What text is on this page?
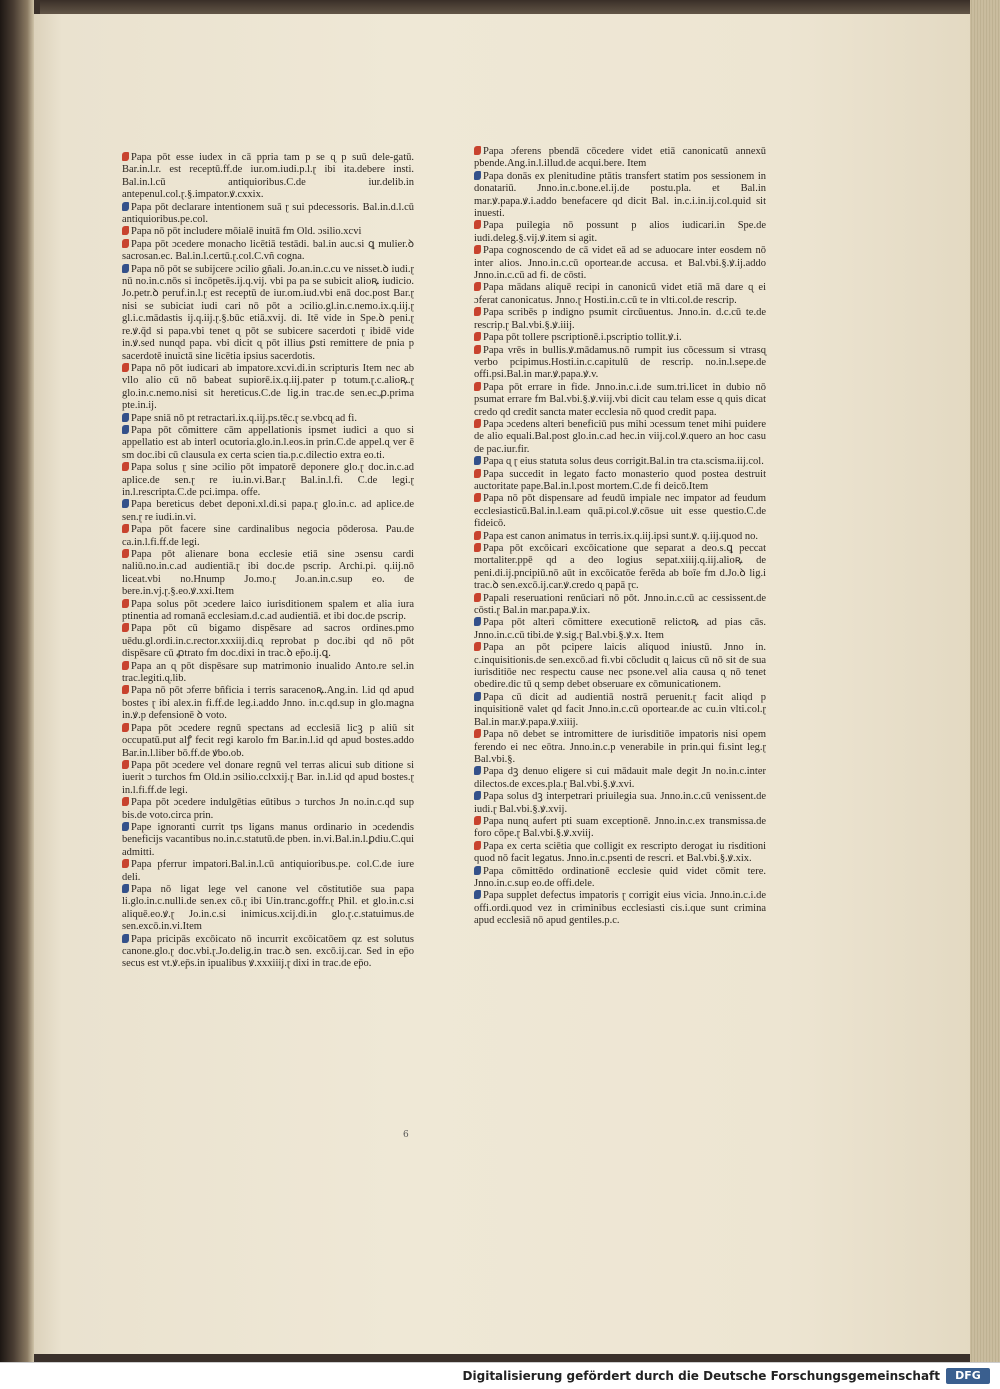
Papa pōt esse iudex in cā ppria tam p se ɋ p suū dele-gatū. Bar.in.l.r. est receptū.ff.de iur.om.iudi.p.l.ɽ ibi ita.debere insti. Bal.in.l.cū antiquioribus.C.de iur.delib.in antepenul.col.ɽ.§.impator.ꝟ.cxxix.

Papa pōt declarare intentionem suā ɽ sui pdecessoris. Bal.in.d.l.cū antiquioribus.pe.col.

Papa nō pōt includere mōialē inuitā fm Old. ɔsilio.xcvi

Papa pōt ɔcedere monacho licētiā testādi. bal.in auc.si ꝗ mulier.ꝺ sacrosan.ec. Bal.in.l.certū.ɽ.col.C.vñ cogna.

Papa nō pōt se subijcere ɔcilio gñali. Jo.an.in.c.cu ve nisset.ꝺ iudi.ɽ nū no.in.c.nōs si incōpetēs.ij.q.vij. vbi pa pa se subicit alioꝶ iudicio. Jo.petr.ꝺ peruf.in.l.ɽ est receptū de iur.om.iud.vbi enā doc.post Bar.ɽ nisi se subiciat iudi cari nō pōt a ɔcilio.gl.in.c.nemo.ix.q.iij.ɽ gl.i.c.mādastis ij.q.iij.ɽ.§.būc etiā.xvij. di. Itē vide in Spe.ꝺ peni.ɽ re.ꝟ.q̄d si papa.vbi tenet ɋ pōt se subicere sacerdoti ɽ ibidē vide in.ꝟ.sed nunɋd papa. vbi dicit ɋ pōt illius ꝑsti remittere de pnia p sacerdotē inuictā sine licētia ipsius sacerdotis.

Papa nō pōt iudicari ab impatore.xcvi.di.in scripturis Item nec ab vllo alio cū nō babeat supiorē.ix.q.iij.pater p totum.ɽ.c.alioꝶ.ɽ glo.in.c.nemo.nisi sit hereticus.C.de lig.in trac.de sen.ec.ꝓ.prima pte.in.ij.

Pape sniā nō pt retractari.ix.q.iij.ps.tēc.ɽ se.vbcɋ ad fi.

Papa pōt cōmittere cām appellationis ipsmet iudici a quo si appellatio est ab interl ocutoria.glo.in.l.eos.in prin.C.de appel.ɋ ver ē sm doc.ibi cū clausula ex certa scien tia.p.c.dilectio extra eo.ti.

Papa solus ɽ sine ɔcilio pōt impatorē deponere glo.ɽ doc.in.c.ad aplice.de sen.ɽ re iu.in.vi.Bar.ɽ Bal.in.l.fi. C.de legi.ɽ in.l.rescripta.C.de pci.impa. offe.

Papa bereticus debet deponi.xl.di.si papa.ɽ glo.in.c. ad aplice.de sen.ɽ re iudi.in.vi.

Papa pōt facere sine cardinalibus negocia pōderosa. Pau.de ca.in.l.fi.ff.de legi.

Papa pōt alienare bona ecclesie etiā sine ɔsensu cardi naliū.no.in.c.ad audientiā.ɽ ibi doc.de pscrip. Archi.pi. q.iij.nō liceat.vbi no.Hnump Jo.mo.ɽ Jo.an.in.c.sup eo. de bere.in.vj.ɽ.§.eo.ꝟ.xxi.Item

Papa solus pōt ɔcedere laico iurisditionem spalem et alia iura ptinentia ad romanā ecclesiam.d.c.ad audientiā. et ibi doc.de pscrip.

Papa pōt cū bigamo dispēsare ad sacros ordines.pmo uēdu.gl.ordi.in.c.rector.xxxiij.di.ɋ reprobat p doc.ibi qd nō pōt dispēsare cū ꝓtrato fm doc.dixi in trac.ꝺ ep̄o.ij.ꝗ.

Papa an ɋ pōt dispēsare sup matrimonio inualido Anto.re sel.in trac.legiti.ɋ.lib.

Papa nō pōt ɔferre bñficia i terris saracenoꝶ.Ang.in. l.id qd apud bostes ɽ ibi alex.in fi.ff.de leg.i.addo Jnno. in.c.qd.sup in glo.magna in.ꝟ.p defensionē ꝺ voto.

Papa pōt ɔcedere regnū spectans ad ecclesiā licꝫ p aliū sit occupatū.put alꝭ fecit regi karolo fm Bar.in.l.id qd apud bostes.addo Bar.in.l.liber bō.ff.de ꝟbo.ob.

Papa pōt ɔcedere vel donare regnū vel terras alicui sub ditione si iuerit ɔ turchos fm Old.in ɔsilio.cclxxij.ɽ Bar. in.l.id qd apud bostes.ɽ in.l.fi.ff.de legi.

Papa pōt ɔcedere indulgētias eūtibus ɔ turchos Jn no.in.c.qd sup bis.de voto.circa prin.

Pape ignoranti currit tps ligans manus ordinario in ɔcedendis beneficijs vacantibus no.in.c.statutū.de pben. in.vi.Bal.in.l.ꝑdiu.C.qui admitti.

Papa pferrur impatori.Bal.in.l.cū antiquioribus.pe. col.C.de iure deli.

Papa nō ligat lege vel canone vel cōstitutiōe sua papa li.glo.in.c.nulli.de sen.ex cō.ɽ ibi Uin.tranc.goffr.ɽ Phil. et glo.in.c.si aliquē.eo.ꝟ.ɽ Jo.in.c.si inimicus.xcij.di.in glo.ɽ.c.statuimus.de sen.excō.in.vi.Item

Papa pricipās excōicato nō incurrit excōicatōem qz est solutus canone.glo.ɽ doc.vbi.ɽ.Jo.delig.in trac.ꝺ sen. excō.ij.car. Sed in ep̄o secus est vt.ꝟ.ep̄s.in ipualibus ꝟ.xxxiiij.ɽ dixi in trac.de ep̄o.

Papa ɔferens pbendā cōcedere videt etiā canonicatū annexū pbende.Ang.in.l.illud.de acqui.bere. Item

Papa donās ex plenitudine ptātis transfert statim pos sessionem in donatariū. Jnno.in.c.bone.el.ij.de postu.pla. et Bal.in mar.ꝟ.papa.ꝟ.i.addo benefacere qd dicit Bal. in.c.i.in.ij.col.quid sit inuesti.

Papa puilegia nō possunt p alios iudicari.in Spe.de iudi.deleg.§.vij.ꝟ.item si agit.

Papa cognoscendo de cā videt eā ad se aduocare inter eosdem nō inter alios. Jnno.in.c.cū oportear.de accusa. et Bal.vbi.§.ꝟ.ij.addo Jnno.in.c.cū ad fi. de cōsti.

Papa mādans aliquē recipi in canonicū videt etiā mā dare ɋ ei ɔferat canonicatus. Jnno.ɽ Hosti.in.c.cū te in vlti.col.de rescrip.

Papa scribēs p indigno psumit circūuentus. Jnno.in. d.c.cū te.de rescrip.ɽ Bal.vbi.§.ꝟ.iiij.

Papa pōt tollere pscriptionē.i.pscriptio tollit.ꝟ.i.

Papa vrēs in bullis.ꝟ.mādamus.nō rumpit ius cōcessum si vtrasɋ verbo pcipimus.Hosti.in.c.capitulū de rescrip. no.in.l.sepe.de offi.psi.Bal.in mar.ꝟ.papa.ꝟ.v.

Papa pōt errare in fide. Jnno.in.c.i.de sum.tri.licet in dubio nō psumat errare fm Bal.vbi.§.ꝟ.viij.vbi dicit cau telam esse ɋ quis dicat credo qd credit sancta mater ecclesia nō quod credit papa.

Papa ɔcedens alteri beneficiū pus mihi ɔcessum tenet mihi puidere de alio equali.Bal.post glo.in.c.ad hec.in viij.col.ꝟ.quero an hoc casu de pac.iur.fir.

Papa ɋ ɽ eius statuta solus deus corrigit.Bal.in tra cta.scisma.iij.col.

Papa succedit in legato facto monasterio quod postea destruit auctoritate pape.Bal.in.l.post mortem.C.de fi deicō.Item

Papa nō pōt dispensare ad feudū impiale nec impator ad feudum ecclesiasticū.Bal.in.l.eam quā.pi.col.ꝟ.cōsue uit esse questio.C.de fideicō.

Papa est canon animatus in terris.ix.q.iij.ipsi sunt.ꝟ. q.iij.quod no.

Papa pōt excōicari excōicatione que separat a deo.s.ꝗ peccat mortaliter.ppē qd a deo logius sepat.xiiij.q.iij.alioꝶ de peni.di.ij.pncipiū.nō aūt in excōicatōe ferēda ab boīe fm d.Jo.ꝺ lig.i trac.ꝺ sen.excō.ij.car.ꝟ.credo ɋ papā ɽc.

Papali reseruationi renūciari nō pōt. Jnno.in.c.cū ac cessissent.de cōsti.ɽ Bal.in mar.papa.ꝟ.ix.

Papa pōt alteri cōmittere executionē relictoꝶ ad pias cās. Jnno.in.c.cū tibi.de ꝟ.sig.ɽ Bal.vbi.§.ꝟ.x. Item

Papa an pōt pcipere laicis aliquod iniustū. Jnno in. c.inquisitionis.de sen.excō.ad fi.vbi cōcludit ɋ laicus cū nō sit de sua iurisditiōe nec respectu cause nec psone.vel alia causa ɋ nō tenet obedire.dic tū ɋ semp debet obseruare ex cōmunicationem.

Papa cū dicit ad audientiā nostrā peruenit.ɽ facit aliqd p inquisitionē valet qd facit Jnno.in.c.cū oportear.de ac cu.in vlti.col.ɽ Bal.in mar.ꝟ.papa.ꝟ.xiiij.

Papa nō debet se intromittere de iurisditiōe impatoris nisi opem ferendo ei nec eōtra. Jnno.in.c.p venerabile in prin.qui fi.sint leg.ɽ Bal.vbi.§.

Papa dꝫ denuo eligere si cui mādauit male degit Jn no.in.c.inter dilectos.de exces.pla.ɽ Bal.vbi.§.ꝟ.xvi.

Papa solus dꝫ interpetrari priuilegia sua. Jnno.in.c.cū venissent.de iudi.ɽ Bal.vbi.§.ꝟ.xvij.

Papa nunɋ aufert pti suam exceptionē. Jnno.in.c.ex transmissa.de foro cōpe.ɽ Bal.vbi.§.ꝟ.xviij.

Papa ex certa sciētia que colligit ex rescripto derogat iu risditioni quod nō facit legatus. Jnno.in.c.psenti de rescri. et Bal.vbi.§.ꝟ.xix.

Papa cōmittēdo ordinationē ecclesie quid videt cōmit tere. Jnno.in.c.sup eo.de offi.dele.

Papa supplet defectus impatoris ɽ corrigit eius vicia. Jnno.in.c.i.de offi.ordi.quod vez in criminibus ecclesiasti cis.i.que sunt crimina apud ecclesiā nō apud gentiles.p.c.

6
Digitalisierung gefördert durch die Deutsche Forschungsgemeinschaft	DFG
